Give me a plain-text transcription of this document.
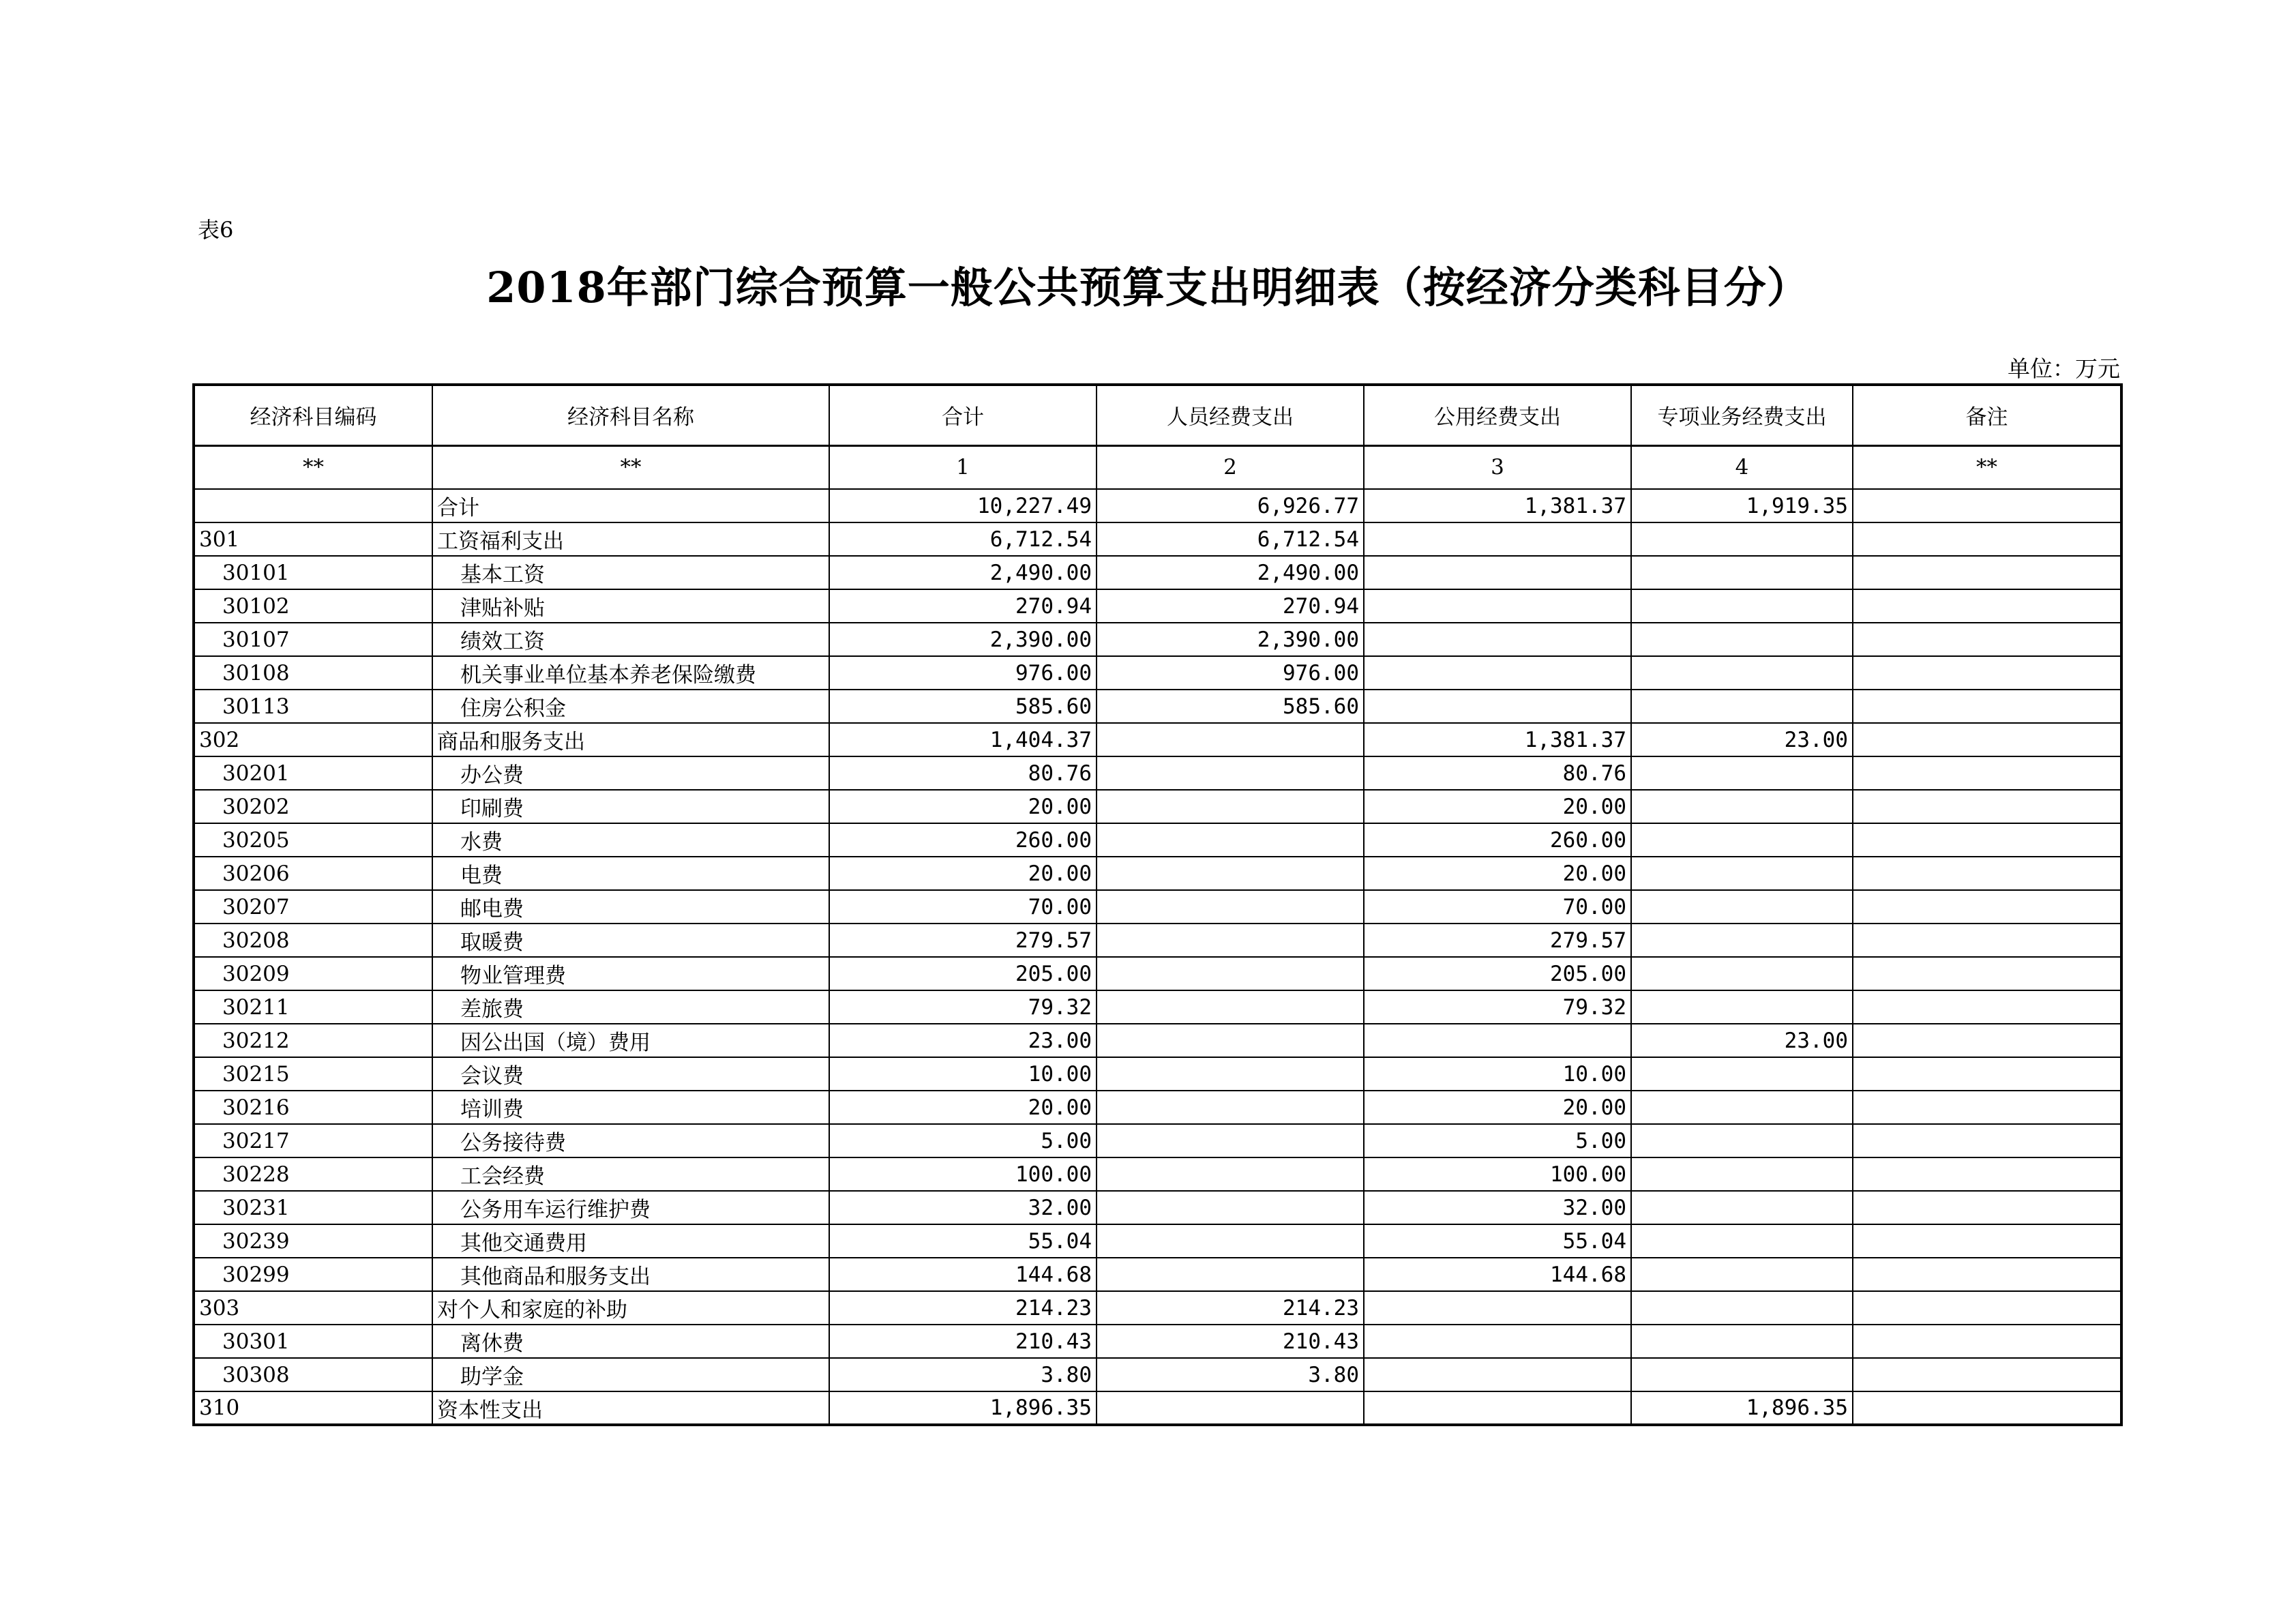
表6
2018年部门综合预算一般公共预算支出明细表（按经济分类科目分）
单位：万元
经济科目编码	经济科目名称	合计	人员经费支出	公用经费支出	专项业务经费支出	备注
**	**	1	2	3	4	**
	合计	10,227.49	6,926.77	1,381.37	1,919.35	
301	工资福利支出	6,712.54	6,712.54			
30101	基本工资	2,490.00	2,490.00			
30102	津贴补贴	270.94	270.94			
30107	绩效工资	2,390.00	2,390.00			
30108	机关事业单位基本养老保险缴费	976.00	976.00			
30113	住房公积金	585.60	585.60			
302	商品和服务支出	1,404.37		1,381.37	23.00	
30201	办公费	80.76		80.76		
30202	印刷费	20.00		20.00		
30205	水费	260.00		260.00		
30206	电费	20.00		20.00		
30207	邮电费	70.00		70.00		
30208	取暖费	279.57		279.57		
30209	物业管理费	205.00		205.00		
30211	差旅费	79.32		79.32		
30212	因公出国（境）费用	23.00			23.00	
30215	会议费	10.00		10.00		
30216	培训费	20.00		20.00		
30217	公务接待费	5.00		5.00		
30228	工会经费	100.00		100.00		
30231	公务用车运行维护费	32.00		32.00		
30239	其他交通费用	55.04		55.04		
30299	其他商品和服务支出	144.68		144.68		
303	对个人和家庭的补助	214.23	214.23			
30301	离休费	210.43	210.43			
30308	助学金	3.80	3.80			
310	资本性支出	1,896.35			1,896.35	
